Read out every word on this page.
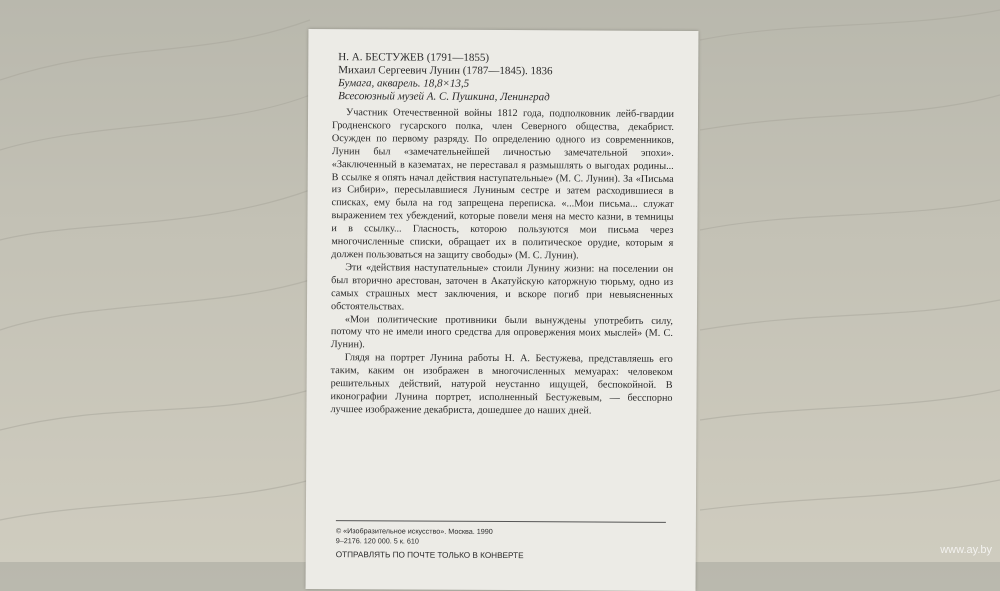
Н. А. БЕСТУЖЕВ (1791—1855)
Михаил Сергеевич Лунин (1787—1845). 1836
Бумага, акварель. 18,8×13,5
Всесоюзный музей А. С. Пушкина, Ленинград

Участник Отечественной войны 1812 года, подполковник лейб-гвардии Гродненского гусарского полка, член Северного общества, декабрист. Осужден по первому разряду. По определению одного из современников, Лунин был «замечательнейшей личностью замечательной эпохи». «Заключенный в казематах, не переставал я размышлять о выгодах родины... В ссылке я опять начал действия наступательные» (М. С. Лунин). За «Письма из Сибири», пересылавшиеся Луниным сестре и затем расходившиеся в списках, ему была на год запрещена переписка. «...Мои письма... служат выражением тех убеждений, которые повели меня на место казни, в темницы и в ссылку... Гласность, которою пользуются мои письма через многочисленные списки, обращает их в политическое орудие, которым я должен пользоваться на защиту свободы» (М. С. Лунин).

Эти «действия наступательные» стоили Лунину жизни: на поселении он был вторично арестован, заточен в Акатуйскую каторжную тюрьму, одно из самых страшных мест заключения, и вскоре погиб при невыясненных обстоятельствах.

«Мои политические противники были вынуждены употребить силу, потому что не имели иного средства для опровержения моих мыслей» (М. С. Лунин).

Глядя на портрет Лунина работы Н. А. Бестужева, представляешь его таким, каким он изображен в многочисленных мемуарах: человеком решительных действий, натурой неустанно ищущей, беспокойной. В иконографии Лунина портрет, исполненный Бестужевым, — бесспорно лучшее изображение декабриста, дошедшее до наших дней.

© «Изобразительное искусство». Москва. 1990
9–2176. 120 000. 5 к. 610
ОТПРАВЛЯТЬ ПО ПОЧТЕ ТОЛЬКО В КОНВЕРТЕ	www.ay.by
